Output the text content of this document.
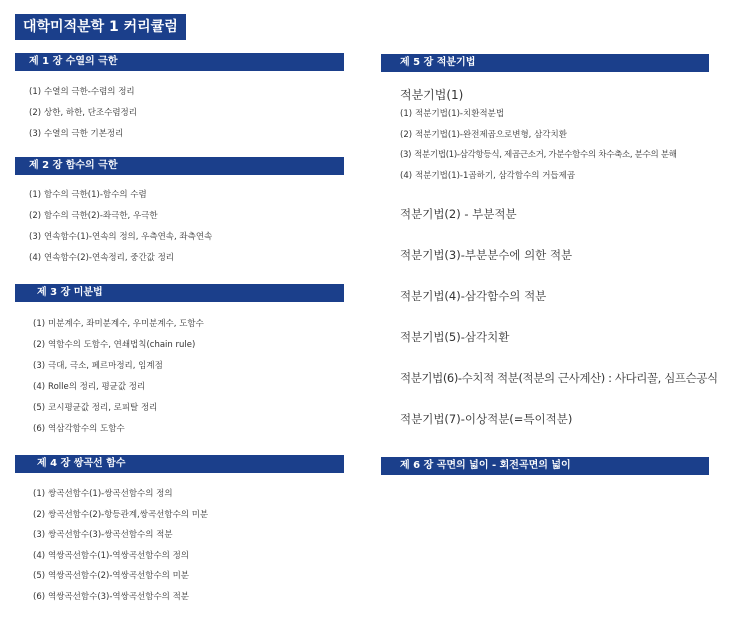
대학미적분학 1 커리큘럼
제 1 장 수열의 극한
(1) 수열의 극한-수렴의 정리
(2) 상한, 하한, 단조수렴정리
(3) 수열의 극한 기본정리
제 2 장 함수의 극한
(1) 함수의 극한(1)-함수의 수렴
(2) 함수의 극한(2)-좌극한, 우극한
(3) 연속함수(1)-연속의 정의, 우측연속, 좌측연속
(4) 연속함수(2)-연속정리, 중간값 정리
제 3 장 미분법
(1) 미분계수, 좌미분계수, 우미분계수, 도함수
(2) 역함수의 도함수, 연쇄법칙(chain rule)
(3) 극대, 극소, 페르마정리, 임계점
(4) Rolle의 정리, 평균값 정리
(5) 코시평균값 정리, 로피탈 정리
(6) 역삼각함수의 도함수
제 4 장 쌍곡선 함수
(1) 쌍곡선함수(1)-쌍곡선함수의 정의
(2) 쌍곡선함수(2)-항등관계,쌍곡선함수의 미분
(3) 쌍곡선함수(3)-쌍곡선함수의 적분
(4) 역쌍곡선함수(1)-역쌍곡선함수의 정의
(5) 역쌍곡선함수(2)-역쌍곡선함수의 미분
(6) 역쌍곡선함수(3)-역쌍곡선함수의 적분
제 5 장 적분기법
적분기법(1)
(1) 적분기법(1)-치환적분법
(2) 적분기법(1)-완전제곱으로변형, 삼각치환
(3) 적분기법(1)-삼각항등식, 제곱근소거, 가분수함수의 차수축소, 분수의 분해
(4) 적분기법(1)-1곱하기, 삼각함수의 거듭제곱
적분기법(2) - 부분적분
적분기법(3)-부분분수에 의한 적분
적분기법(4)-삼각함수의 적분
적분기법(5)-삼각치환
적분기법(6)-수치적 적분(적분의 근사계산) : 사다리꼴, 심프슨공식
적분기법(7)-이상적분(=특이적분)
제 6 장 곡면의 넓이 - 회전곡면의 넓이
